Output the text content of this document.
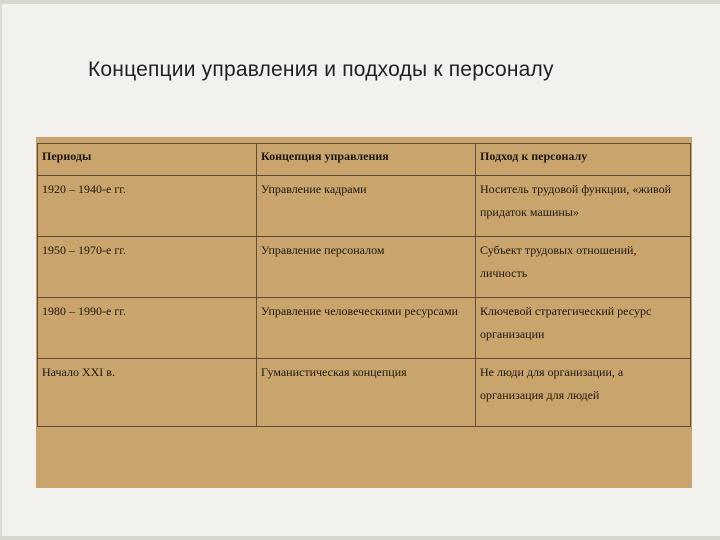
Концепции управления и подходы к персоналу
Периоды	Концепция управления	Подход к персоналу

1920 – 1940-е гг.	Управление кадрами	Носитель трудовой функции, «живой придаток машины»

1950 – 1970-е гг.	Управление персоналом	Субъект трудовых отношений, личность

1980 – 1990-е гг.	Управление человеческими ресурсами	Ключевой стратегический ресурс организации

Начало XXI в.	Гуманистическая концепция	Не люди для организации, а организация для людей
